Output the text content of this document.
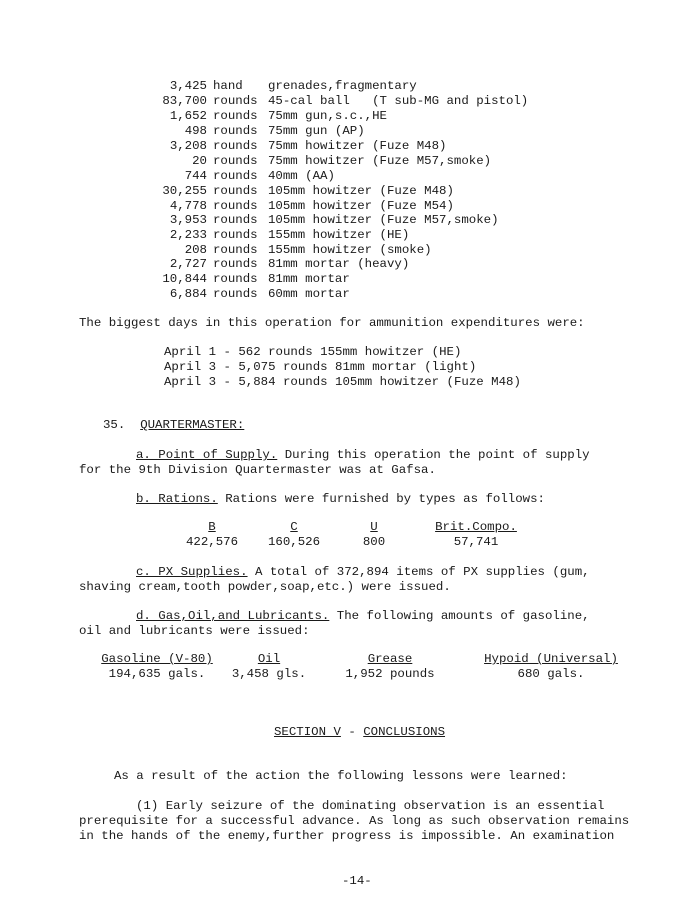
3,425 hand grenades,fragmentary
83,700 rounds 45-cal ball   (T sub-MG and pistol)
1,652 rounds 75mm gun,s.c.,HE
498 rounds 75mm gun (AP)
3,208 rounds 75mm howitzer (Fuze M48)
20 rounds 75mm howitzer (Fuze M57,smoke)
744 rounds 40mm (AA)
30,255 rounds 105mm howitzer (Fuze M48)
4,778 rounds 105mm howitzer (Fuze M54)
3,953 rounds 105mm howitzer (Fuze M57,smoke)
2,233 rounds 155mm howitzer (HE)
208 rounds 155mm howitzer (smoke)
2,727 rounds 81mm mortar (heavy)
10,844 rounds 81mm mortar
6,884 rounds 60mm mortar
The biggest days in this operation for ammunition expenditures were:
April 1 - 562 rounds 155mm howitzer (HE)
April 3 - 5,075 rounds 81mm mortar (light)
April 3 - 5,884 rounds 105mm howitzer (Fuze M48)
35. QUARTERMASTER:
a. Point of Supply. During this operation the point of supply
for the 9th Division Quartermaster was at Gafsa.
b. Rations. Rations were furnished by types as follows:
B
422,576
C
160,526
U
800
Brit.Compo.
57,741
c. PX Supplies. A total of 372,894 items of PX supplies (gum,
shaving cream,tooth powder,soap,etc.) were issued.
d. Gas,Oil,and Lubricants. The following amounts of gasoline,
oil and lubricants were issued:
Gasoline (V-80)
194,635 gals.
Oil
3,458 gls.
Grease
1,952 pounds
Hypoid (Universal)
680 gals.
SECTION V - CONCLUSIONS
As a result of the action the following lessons were learned:
(1) Early seizure of the dominating observation is an essential
prerequisite for a successful advance. As long as such observation remains
in the hands of the enemy,further progress is impossible. An examination
-14-
